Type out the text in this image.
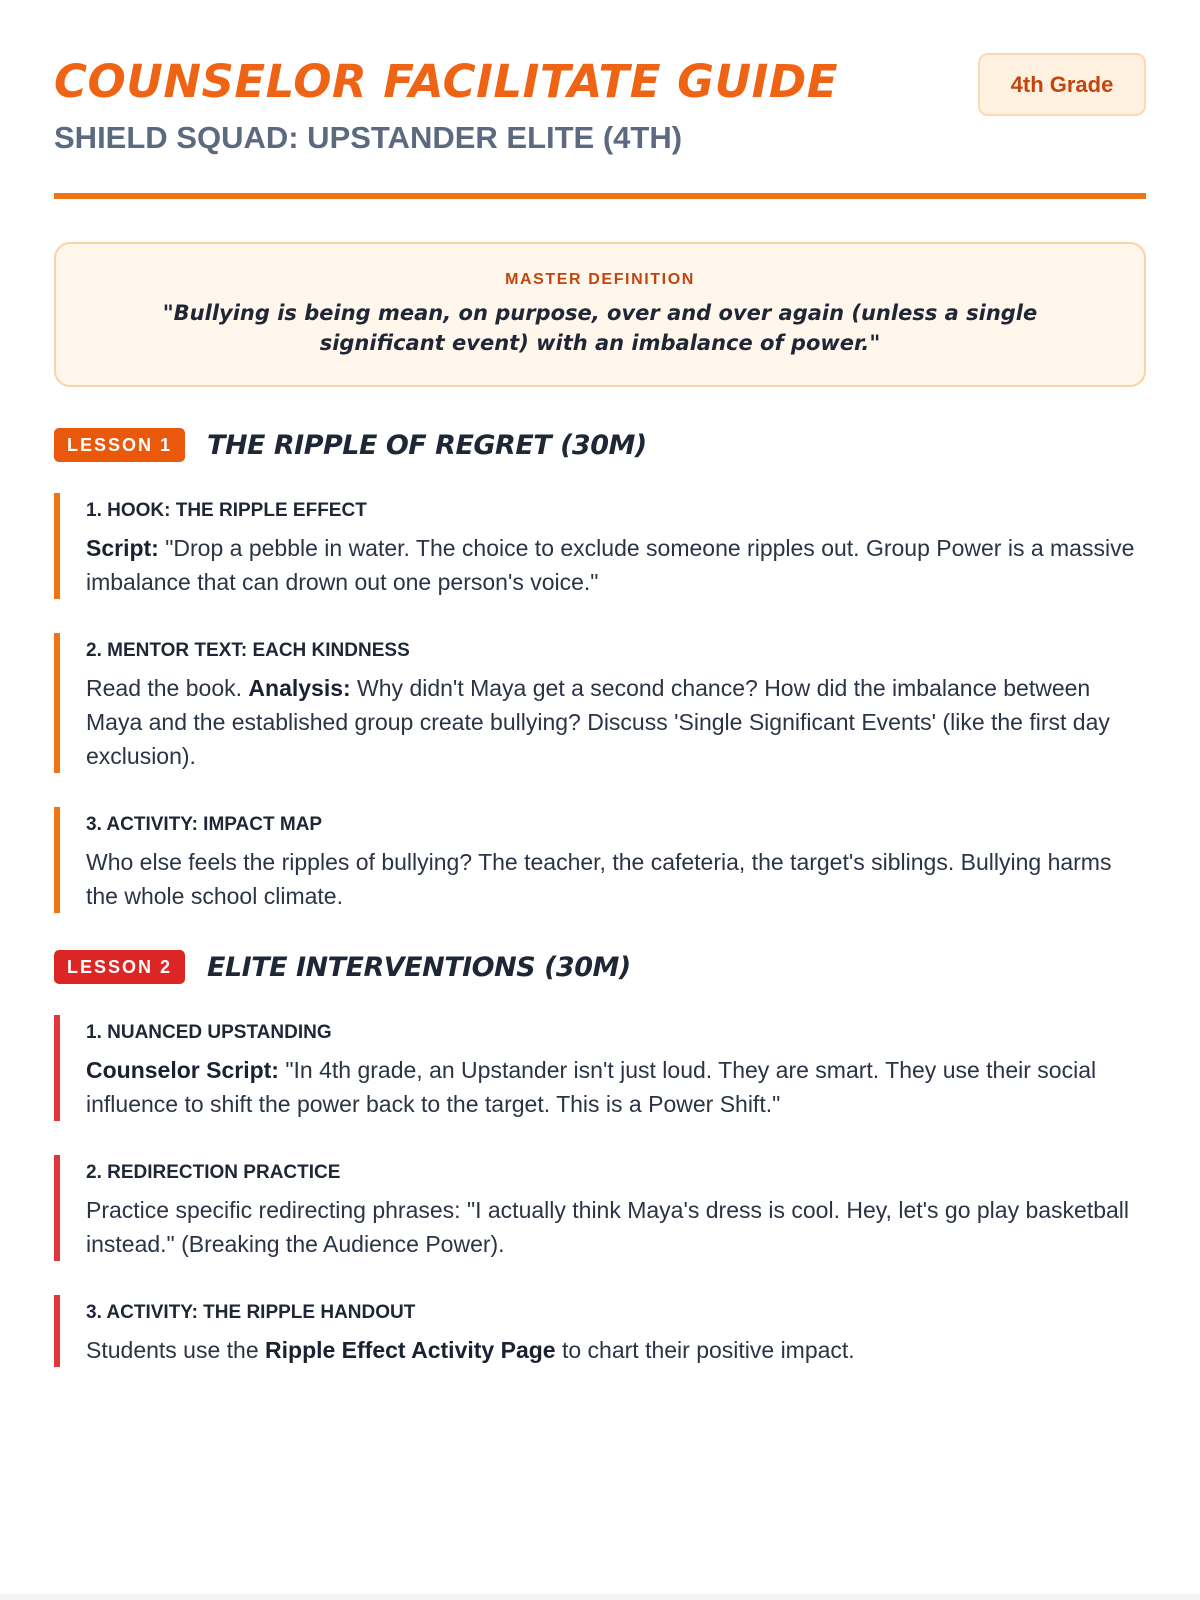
COUNSELOR FACILITATE GUIDE
SHIELD SQUAD: UPSTANDER ELITE (4TH)
4th Grade
MASTER DEFINITION
"Bullying is being mean, on purpose, over and over again (unless a single significant event) with an imbalance of power."
LESSON 1	THE RIPPLE OF REGRET (30M)
1. HOOK: THE RIPPLE EFFECT
Script: "Drop a pebble in water. The choice to exclude someone ripples out. Group Power is a massive imbalance that can drown out one person's voice."
2. MENTOR TEXT: EACH KINDNESS
Read the book. Analysis: Why didn't Maya get a second chance? How did the imbalance between Maya and the established group create bullying? Discuss 'Single Significant Events' (like the first day exclusion).
3. ACTIVITY: IMPACT MAP
Who else feels the ripples of bullying? The teacher, the cafeteria, the target's siblings. Bullying harms the whole school climate.
LESSON 2	ELITE INTERVENTIONS (30M)
1. NUANCED UPSTANDING
Counselor Script: "In 4th grade, an Upstander isn't just loud. They are smart. They use their social influence to shift the power back to the target. This is a Power Shift."
2. REDIRECTION PRACTICE
Practice specific redirecting phrases: "I actually think Maya's dress is cool. Hey, let's go play basketball instead." (Breaking the Audience Power).
3. ACTIVITY: THE RIPPLE HANDOUT
Students use the Ripple Effect Activity Page to chart their positive impact.
